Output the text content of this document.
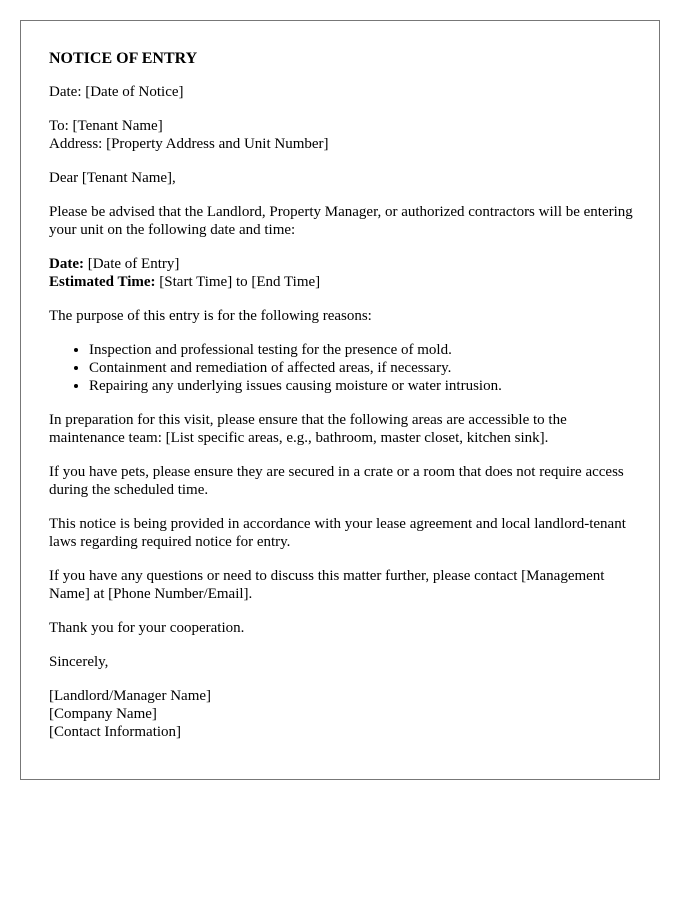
NOTICE OF ENTRY

Date: [Date of Notice]

To: [Tenant Name]
Address: [Property Address and Unit Number]

Dear [Tenant Name],

Please be advised that the Landlord, Property Manager, or authorized contractors will be entering your unit on the following date and time:

Date: [Date of Entry]
Estimated Time: [Start Time] to [End Time]

The purpose of this entry is for the following reasons:

• Inspection and professional testing for the presence of mold.
• Containment and remediation of affected areas, if necessary.
• Repairing any underlying issues causing moisture or water intrusion.

In preparation for this visit, please ensure that the following areas are accessible to the maintenance team: [List specific areas, e.g., bathroom, master closet, kitchen sink].

If you have pets, please ensure they are secured in a crate or a room that does not require access during the scheduled time.

This notice is being provided in accordance with your lease agreement and local landlord-tenant laws regarding required notice for entry.

If you have any questions or need to discuss this matter further, please contact [Management Name] at [Phone Number/Email].

Thank you for your cooperation.

Sincerely,

[Landlord/Manager Name]
[Company Name]
[Contact Information]
